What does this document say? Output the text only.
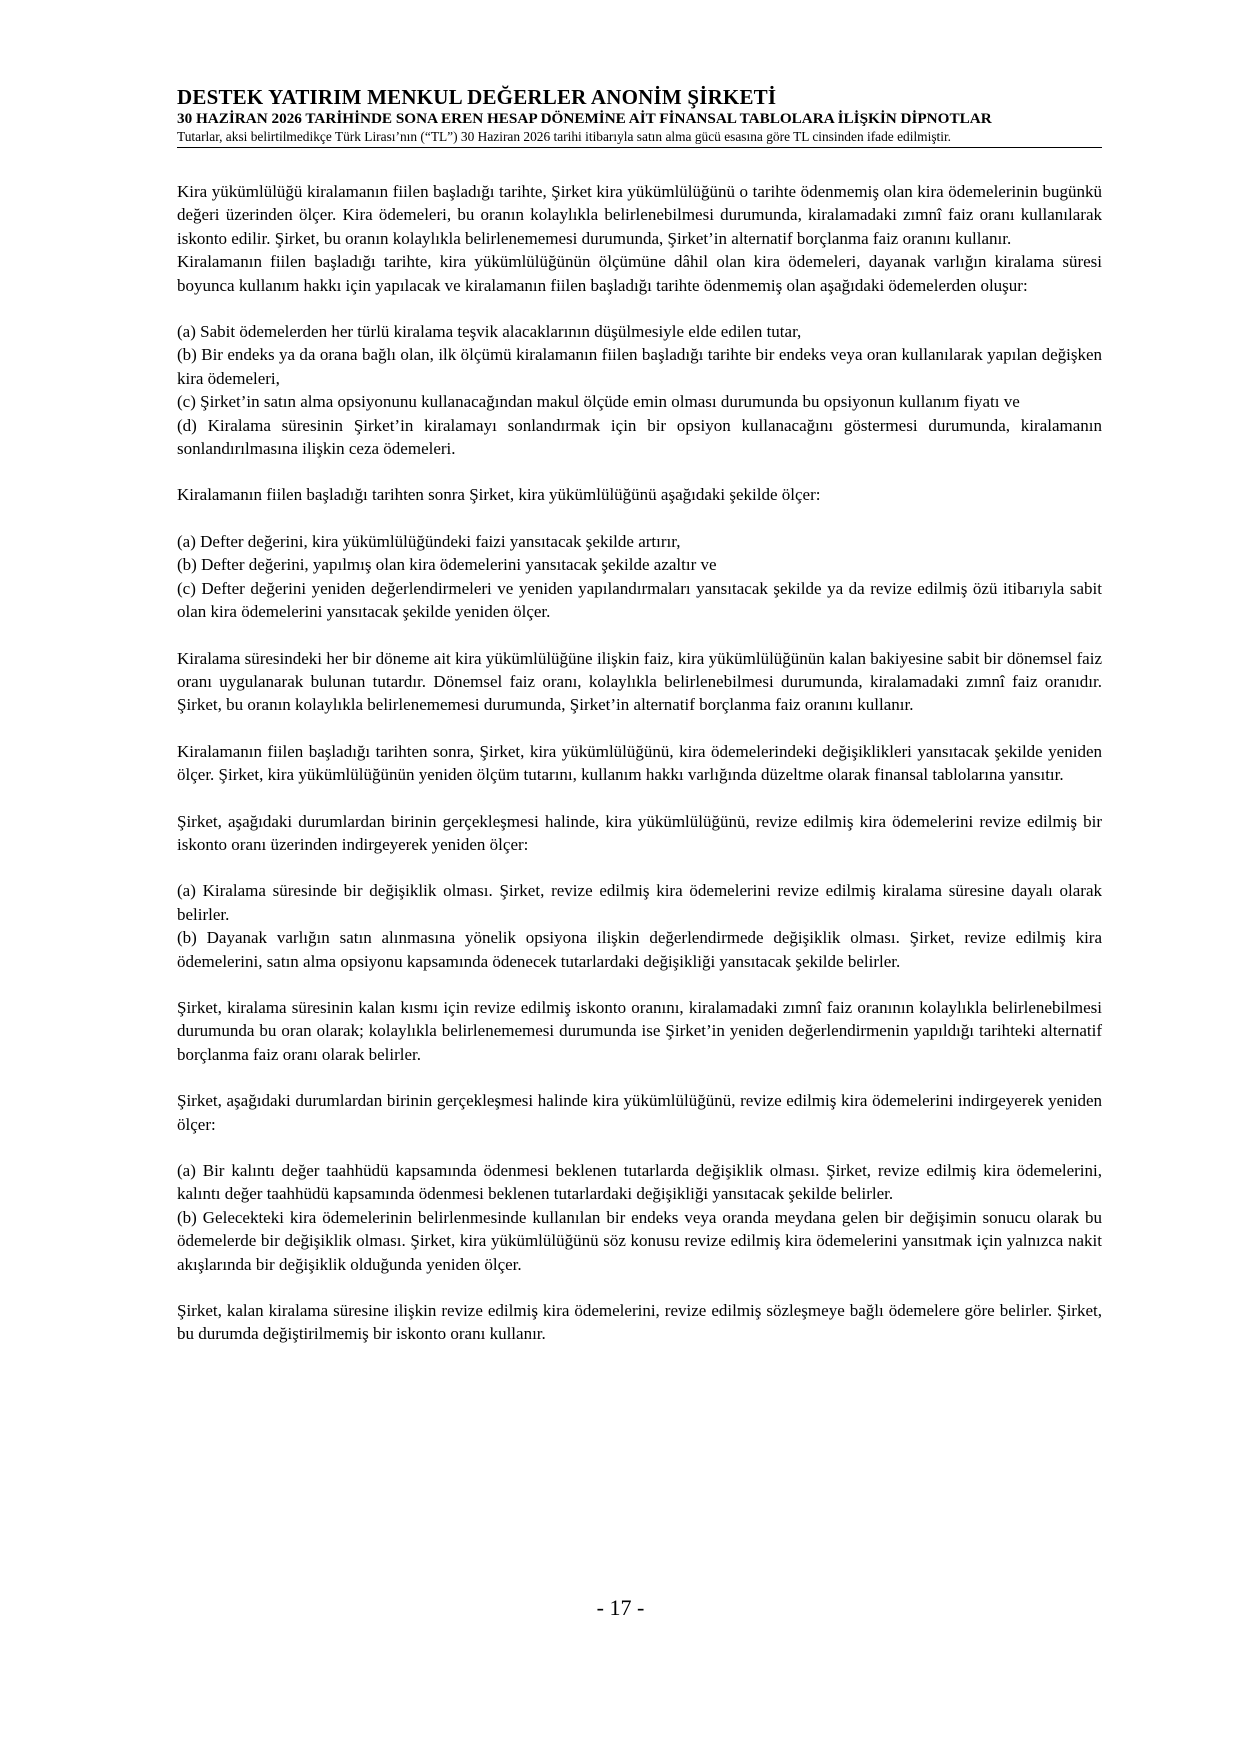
DESTEK YATIRIM MENKUL DEĞERLER ANONİM ŞİRKETİ
30 HAZİRAN 2026 TARİHİNDE SONA EREN HESAP DÖNEMİNE AİT FİNANSAL TABLOLARA İLİŞKİN DİPNOTLAR
Tutarlar, aksi belirtilmedikçe Türk Lirası’nın (“TL”) 30 Haziran 2026 tarihi itibarıyla satın alma gücü esasına göre TL cinsinden ifade edilmiştir.

Kira yükümlülüğü kiralamanın fiilen başladığı tarihte, Şirket kira yükümlülüğünü o tarihte ödenmemiş olan kira ödemelerinin bugünkü değeri üzerinden ölçer. Kira ödemeleri, bu oranın kolaylıkla belirlenebilmesi durumunda, kiralamadaki zımnî faiz oranı kullanılarak iskonto edilir. Şirket, bu oranın kolaylıkla belirlenememesi durumunda, Şirket’in alternatif borçlanma faiz oranını kullanır.

Kiralamanın fiilen başladığı tarihte, kira yükümlülüğünün ölçümüne dâhil olan kira ödemeleri, dayanak varlığın kiralama süresi boyunca kullanım hakkı için yapılacak ve kiralamanın fiilen başladığı tarihte ödenmemiş olan aşağıdaki ödemelerden oluşur:

(a) Sabit ödemelerden her türlü kiralama teşvik alacaklarının düşülmesiyle elde edilen tutar,

(b) Bir endeks ya da orana bağlı olan, ilk ölçümü kiralamanın fiilen başladığı tarihte bir endeks veya oran kullanılarak yapılan değişken kira ödemeleri,

(c) Şirket’in satın alma opsiyonunu kullanacağından makul ölçüde emin olması durumunda bu opsiyonun kullanım fiyatı ve

(d) Kiralama süresinin Şirket’in kiralamayı sonlandırmak için bir opsiyon kullanacağını göstermesi durumunda, kiralamanın sonlandırılmasına ilişkin ceza ödemeleri.

Kiralamanın fiilen başladığı tarihten sonra Şirket, kira yükümlülüğünü aşağıdaki şekilde ölçer:

(a) Defter değerini, kira yükümlülüğündeki faizi yansıtacak şekilde artırır,

(b) Defter değerini, yapılmış olan kira ödemelerini yansıtacak şekilde azaltır ve

(c) Defter değerini yeniden değerlendirmeleri ve yeniden yapılandırmaları yansıtacak şekilde ya da revize edilmiş özü itibarıyla sabit olan kira ödemelerini yansıtacak şekilde yeniden ölçer.

Kiralama süresindeki her bir döneme ait kira yükümlülüğüne ilişkin faiz, kira yükümlülüğünün kalan bakiyesine sabit bir dönemsel faiz oranı uygulanarak bulunan tutardır. Dönemsel faiz oranı, kolaylıkla belirlenebilmesi durumunda, kiralamadaki zımnî faiz oranıdır. Şirket, bu oranın kolaylıkla belirlenememesi durumunda, Şirket’in alternatif borçlanma faiz oranını kullanır.

Kiralamanın fiilen başladığı tarihten sonra, Şirket, kira yükümlülüğünü, kira ödemelerindeki değişiklikleri yansıtacak şekilde yeniden ölçer. Şirket, kira yükümlülüğünün yeniden ölçüm tutarını, kullanım hakkı varlığında düzeltme olarak finansal tablolarına yansıtır.

Şirket, aşağıdaki durumlardan birinin gerçekleşmesi halinde, kira yükümlülüğünü, revize edilmiş kira ödemelerini revize edilmiş bir iskonto oranı üzerinden indirgeyerek yeniden ölçer:

(a) Kiralama süresinde bir değişiklik olması. Şirket, revize edilmiş kira ödemelerini revize edilmiş kiralama süresine dayalı olarak belirler.

(b) Dayanak varlığın satın alınmasına yönelik opsiyona ilişkin değerlendirmede değişiklik olması. Şirket, revize edilmiş kira ödemelerini, satın alma opsiyonu kapsamında ödenecek tutarlardaki değişikliği yansıtacak şekilde belirler.

Şirket, kiralama süresinin kalan kısmı için revize edilmiş iskonto oranını, kiralamadaki zımnî faiz oranının kolaylıkla belirlenebilmesi durumunda bu oran olarak; kolaylıkla belirlenememesi durumunda ise Şirket’in yeniden değerlendirmenin yapıldığı tarihteki alternatif borçlanma faiz oranı olarak belirler.

Şirket, aşağıdaki durumlardan birinin gerçekleşmesi halinde kira yükümlülüğünü, revize edilmiş kira ödemelerini indirgeyerek yeniden ölçer:

(a) Bir kalıntı değer taahhüdü kapsamında ödenmesi beklenen tutarlarda değişiklik olması. Şirket, revize edilmiş kira ödemelerini, kalıntı değer taahhüdü kapsamında ödenmesi beklenen tutarlardaki değişikliği yansıtacak şekilde belirler.

(b) Gelecekteki kira ödemelerinin belirlenmesinde kullanılan bir endeks veya oranda meydana gelen bir değişimin sonucu olarak bu ödemelerde bir değişiklik olması. Şirket, kira yükümlülüğünü söz konusu revize edilmiş kira ödemelerini yansıtmak için yalnızca nakit akışlarında bir değişiklik olduğunda yeniden ölçer.

Şirket, kalan kiralama süresine ilişkin revize edilmiş kira ödemelerini, revize edilmiş sözleşmeye bağlı ödemelere göre belirler. Şirket, bu durumda değiştirilmemiş bir iskonto oranı kullanır.

- 17 -
